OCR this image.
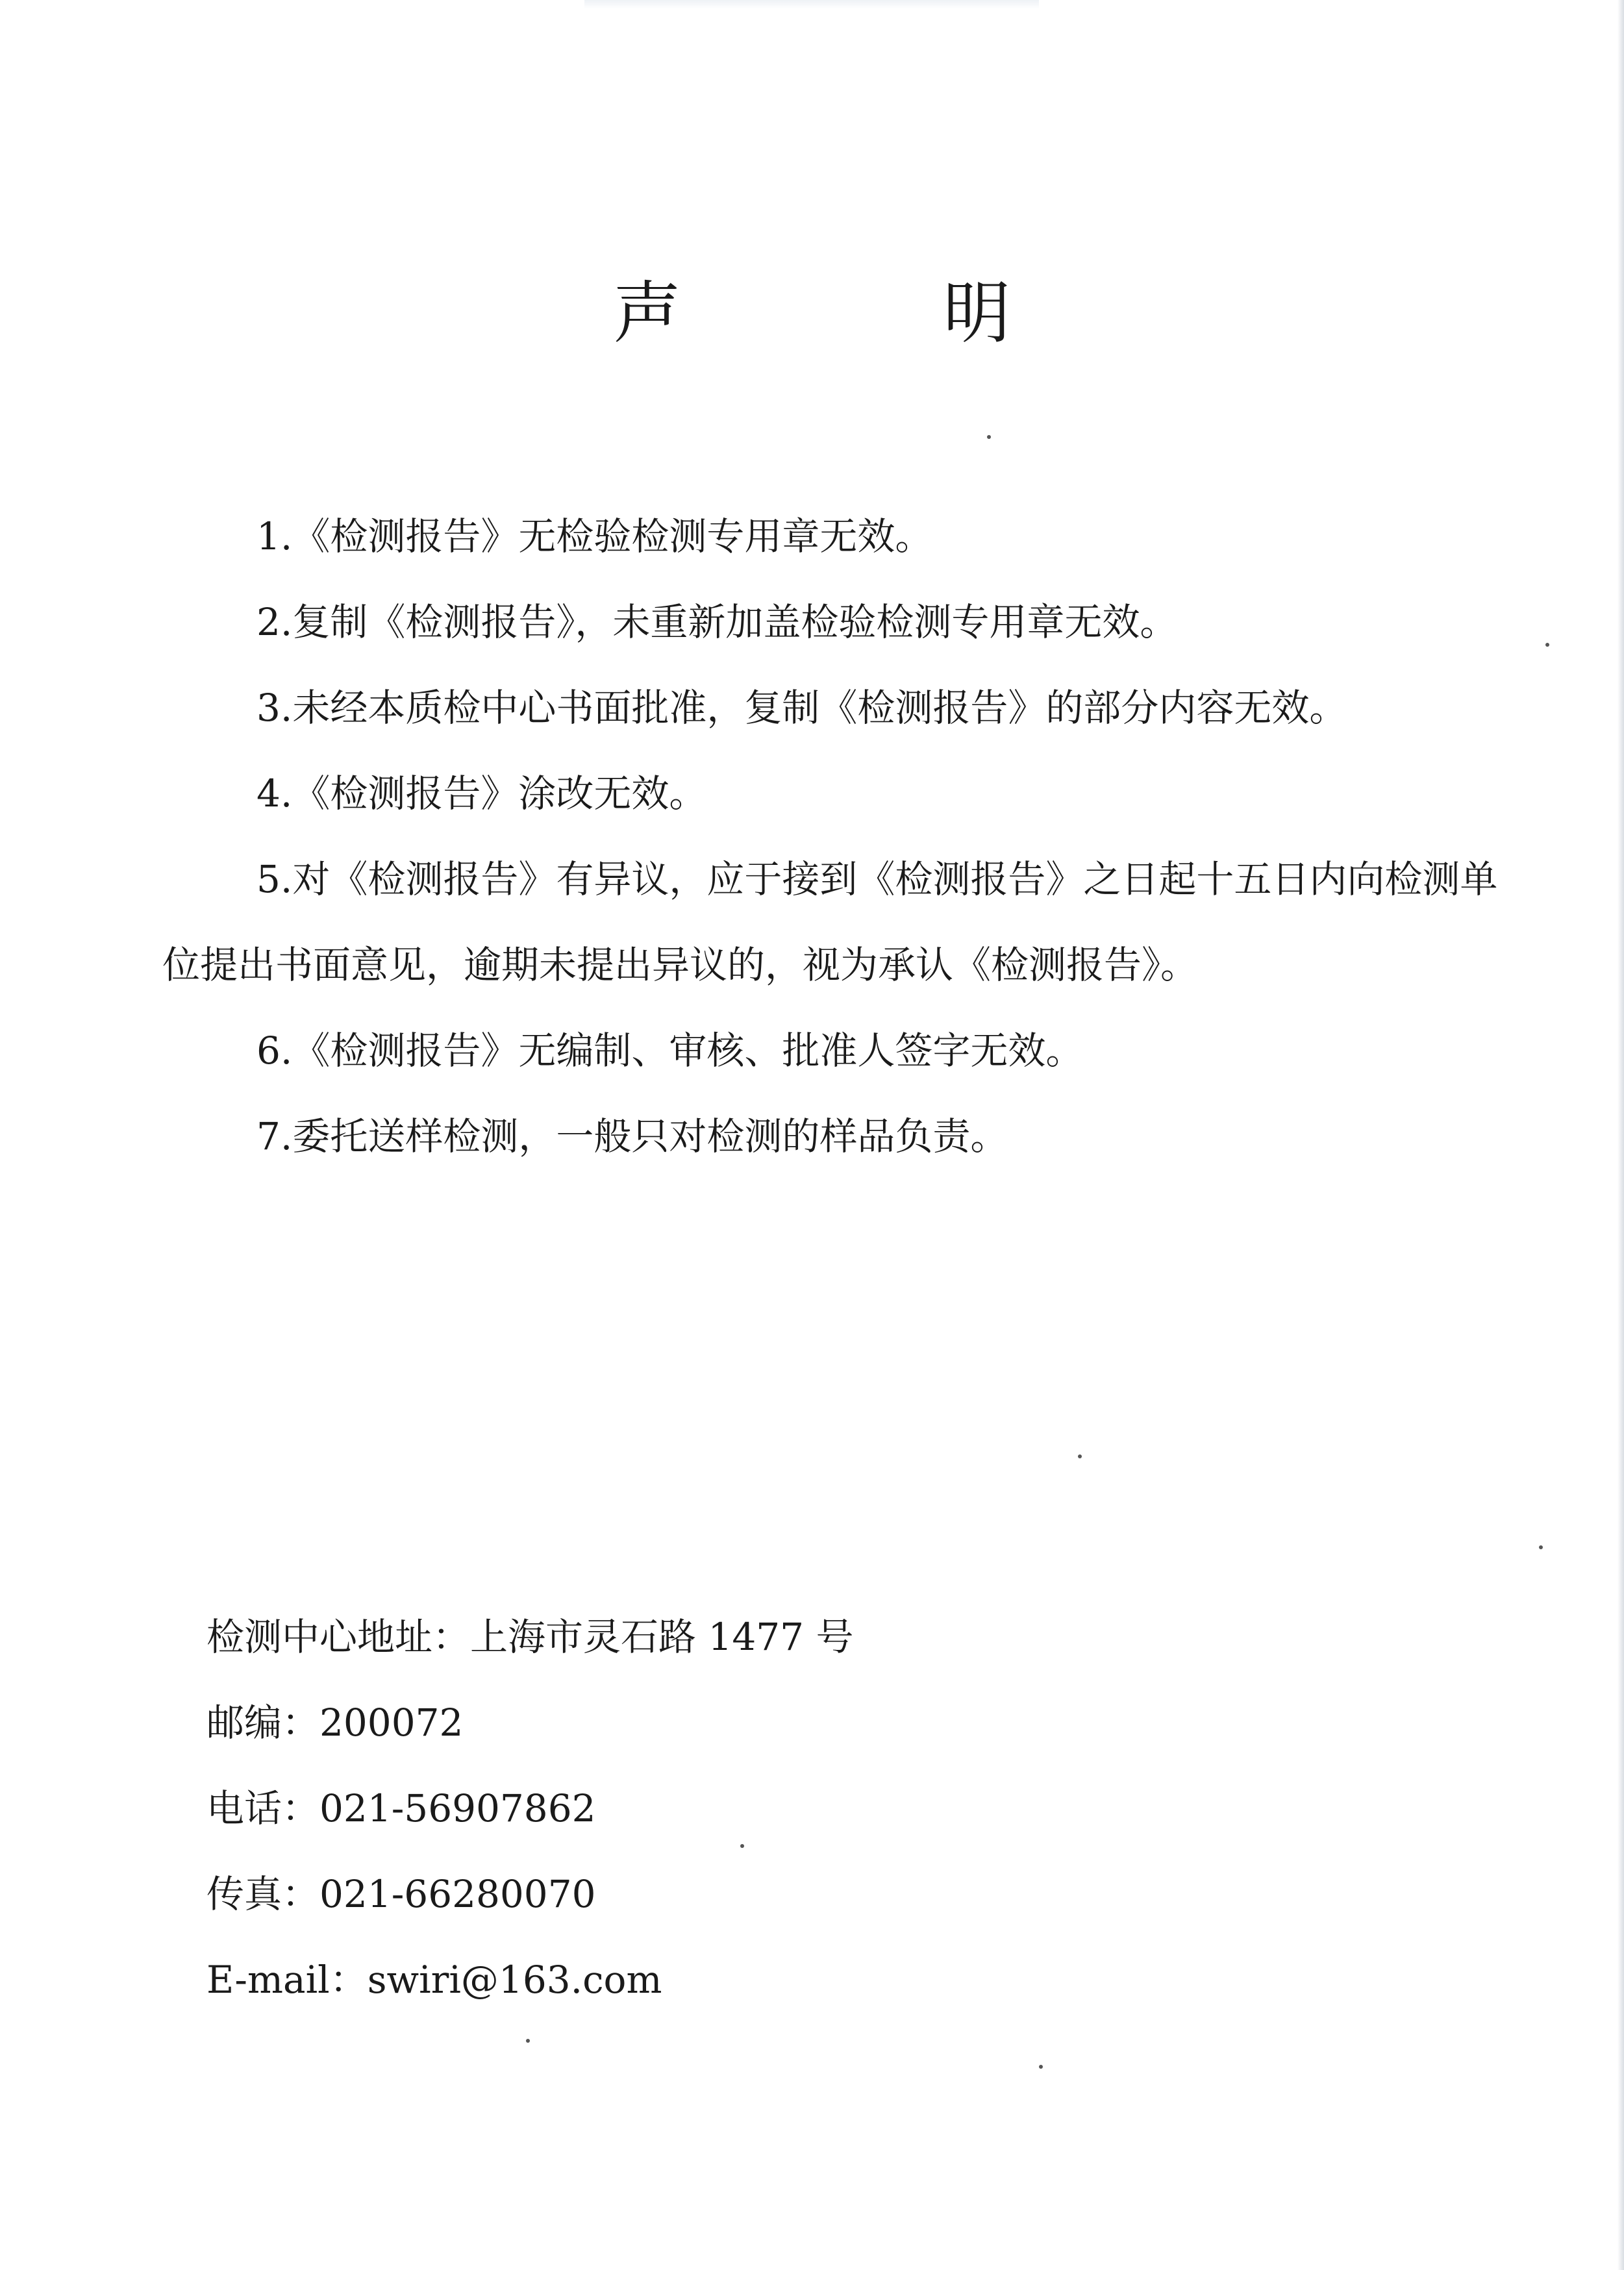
声　明
1.《检测报告》无检验检测专用章无效。
2.复制《检测报告》，未重新加盖检验检测专用章无效。
3.未经本质检中心书面批准，复制《检测报告》的部分内容无效。
4.《检测报告》涂改无效。
5.对《检测报告》有异议，应于接到《检测报告》之日起十五日内向检测单位提出书面意见，逾期未提出异议的，视为承认《检测报告》。
6.《检测报告》无编制、审核、批准人签字无效。
7.委托送样检测，一般只对检测的样品负责。
检测中心地址：上海市灵石路 1477 号
邮编：200072
电话：021-56907862
传真：021-66280070
E-mail：swiri@163.com
